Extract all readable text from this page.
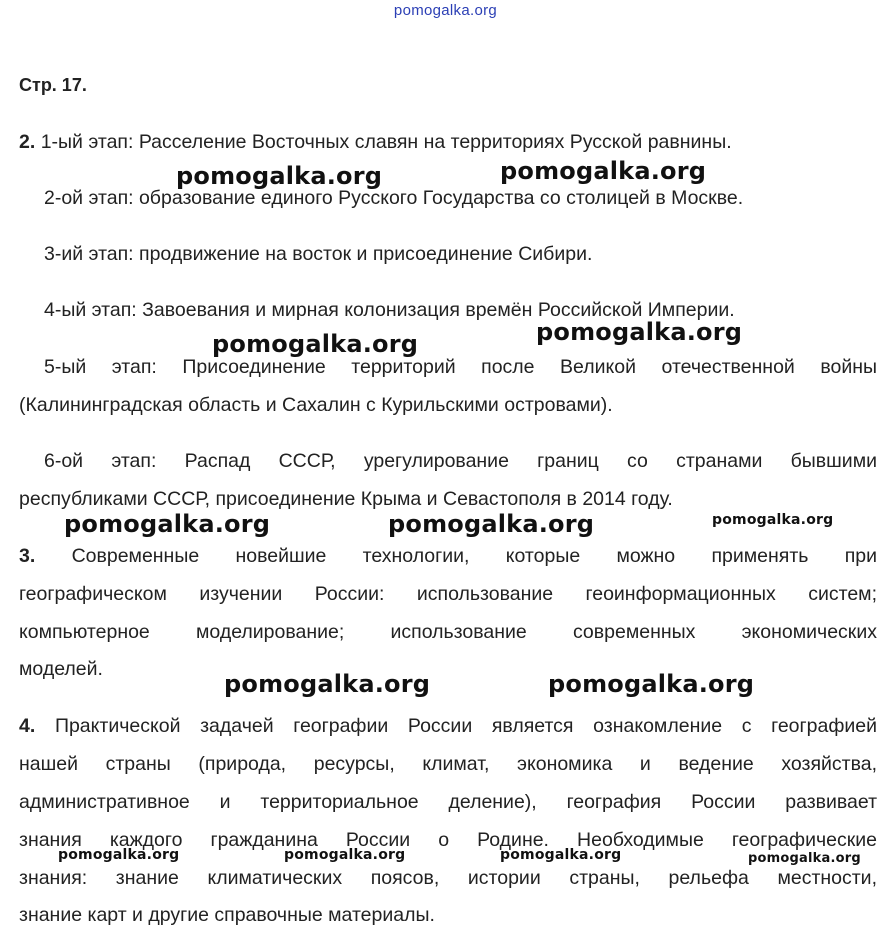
pomogalka.org
Стр. 17.
2. 1-ый этап: Расселение Восточных славян на территориях Русской равнины.
2-ой этап: образование единого Русского Государства со столицей в Москве.
3-ий этап: продвижение на восток и присоединение Сибири.
4-ый этап: Завоевания и мирная колонизация времён Российской Империи.
5-ый этап: Присоединение территорий после Великой отечественной войны
(Калининградская область и Сахалин с Курильскими островами).
6-ой этап: Распад СССР, урегулирование границ со странами бывшими
республиками СССР, присоединение Крыма и Севастополя в 2014 году.
3. Современные новейшие технологии, которые можно применять при
географическом изучении России: использование геоинформационных систем;
компьютерное моделирование; использование современных экономических
моделей.
4. Практической задачей географии России является ознакомление с географией
нашей страны (природа, ресурсы, климат, экономика и ведение хозяйства,
административное и территориальное деление), география России развивает
знания каждого гражданина России о Родине. Необходимые географические
знания: знание климатических поясов, истории страны, рельефа местности,
знание карт и другие справочные материалы.
pomogalka.org	pomogalka.org
pomogalka.org
pomogalka.org
pomogalka.org	pomogalka.org	pomogalka.org
pomogalka.org	pomogalka.org
pomogalka.org	pomogalka.org	pomogalka.org	pomogalka.org
